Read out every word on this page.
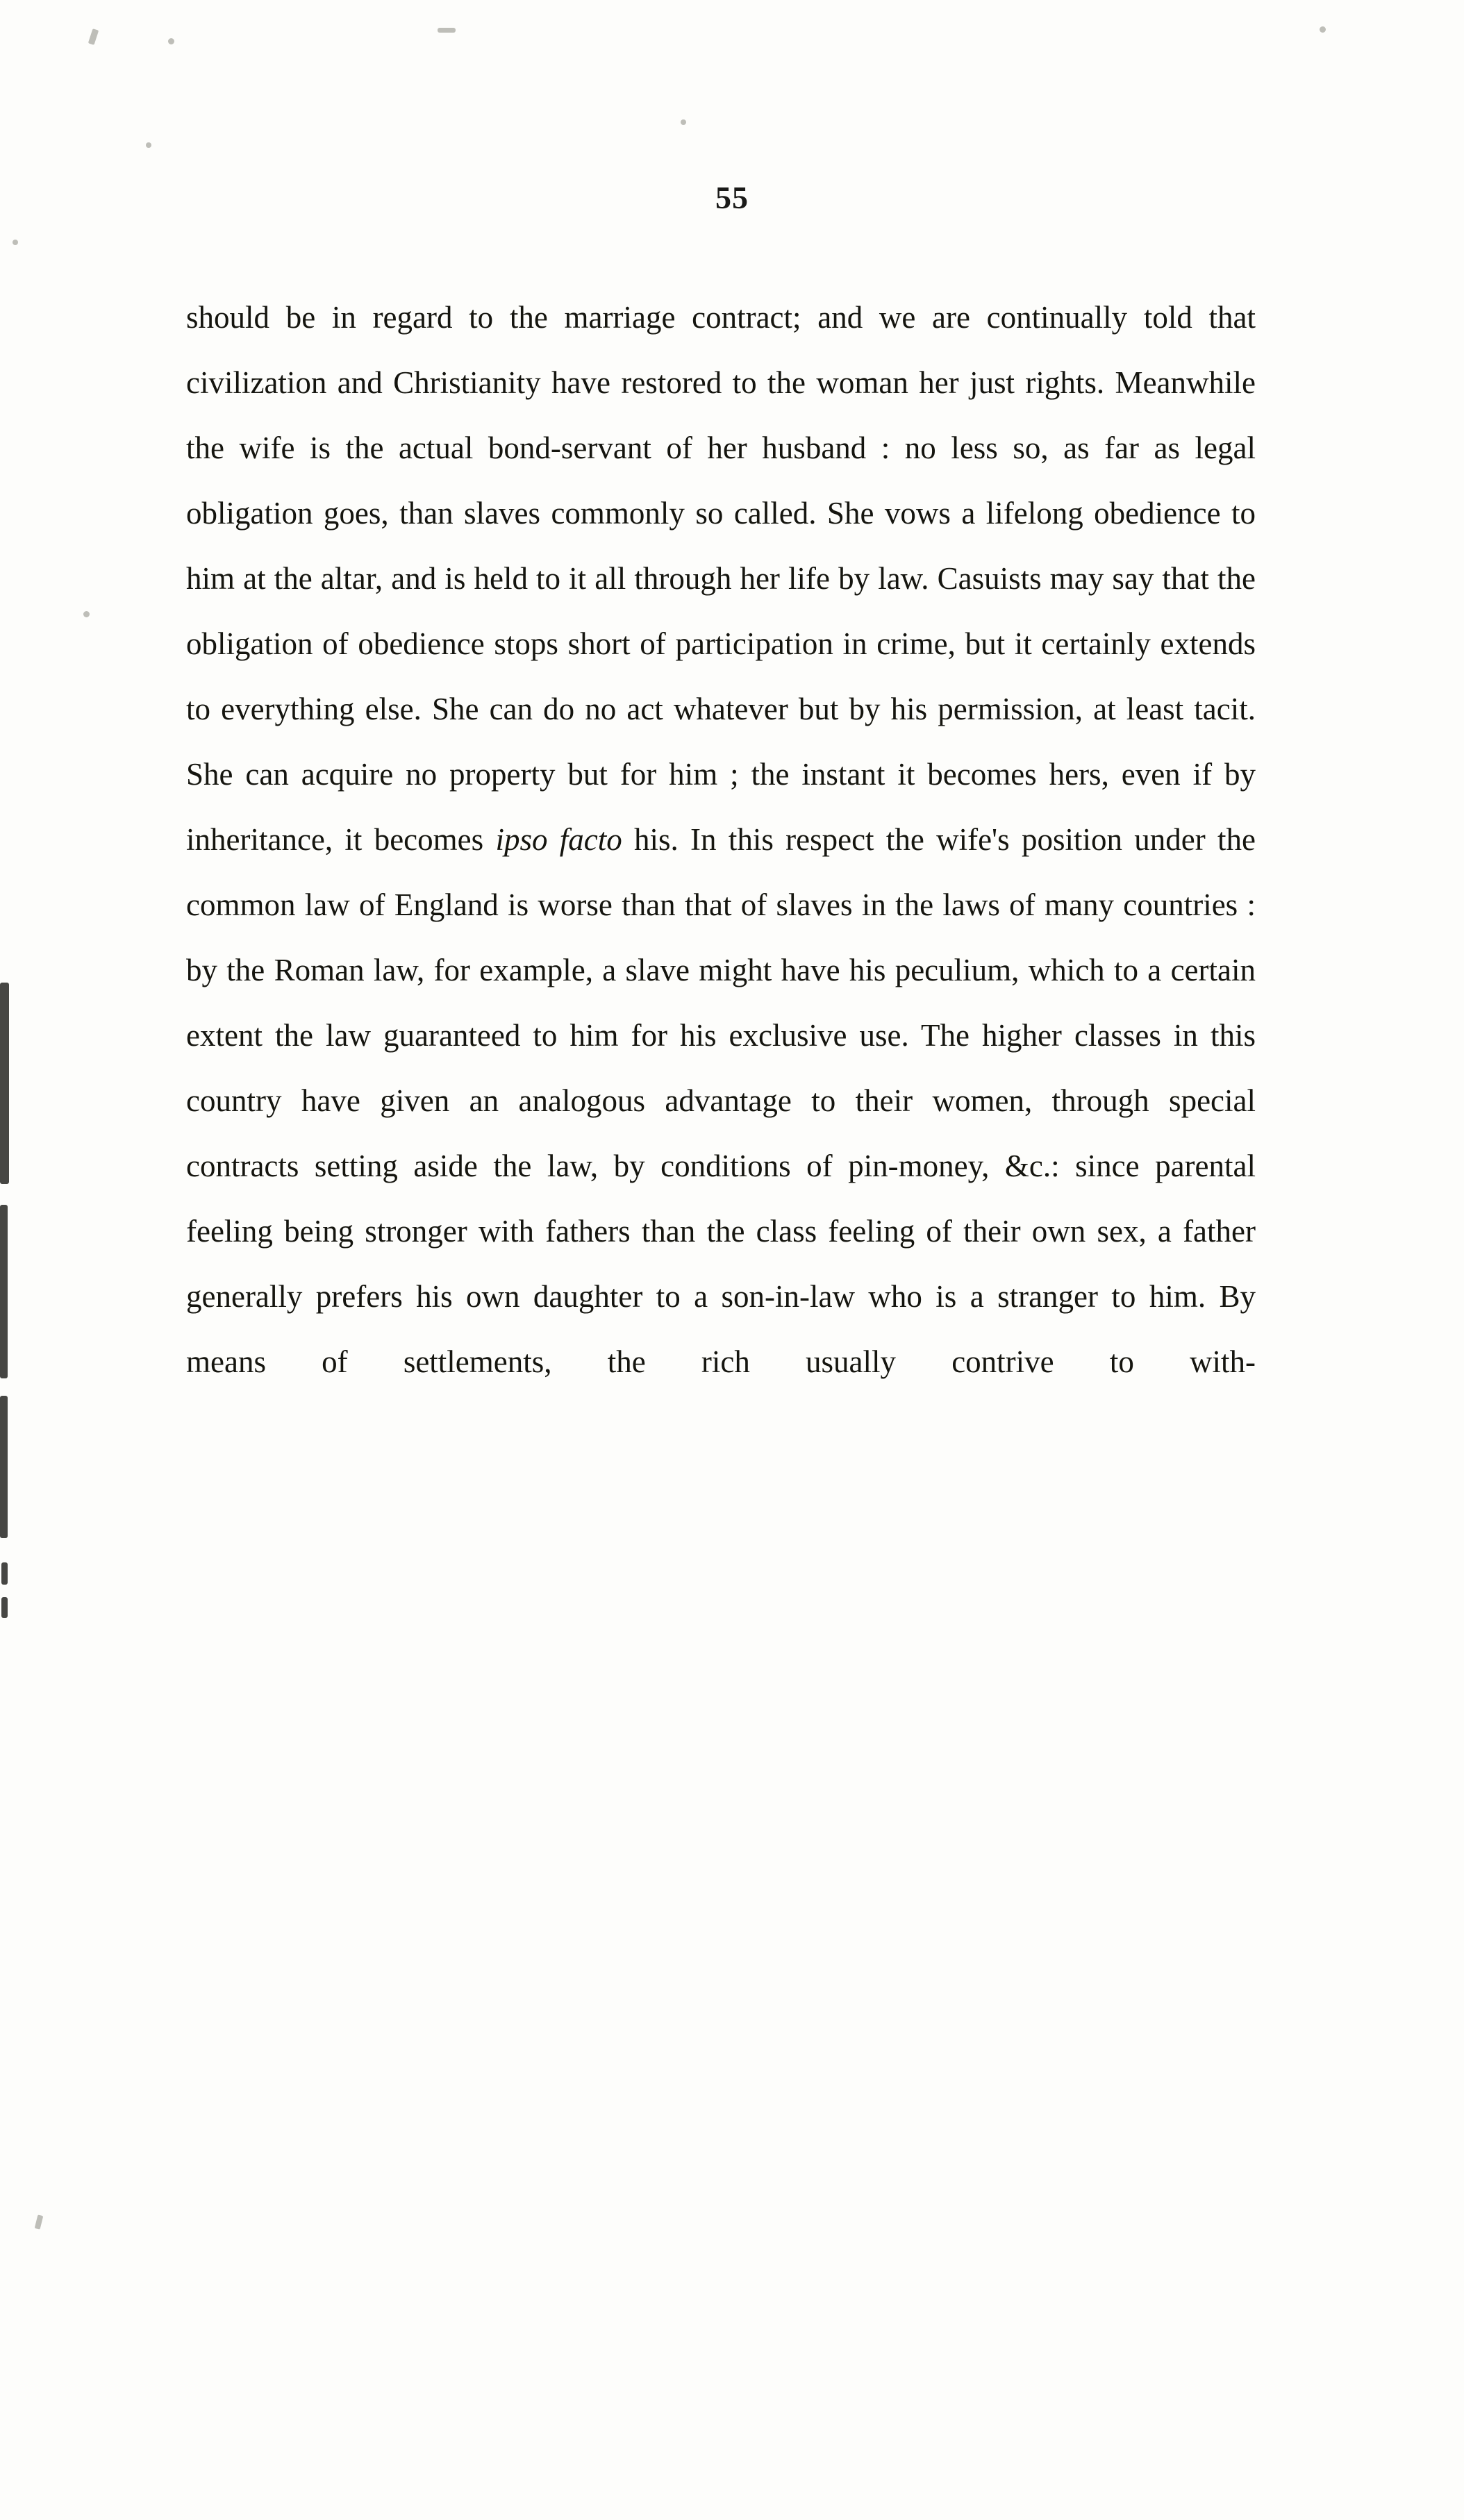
55

should be in regard to the marriage contract; and we are continually told that civilization and Christianity have restored to the woman her just rights. Meanwhile the wife is the actual bond-servant of her husband : no less so, as far as legal obligation goes, than slaves commonly so called. She vows a lifelong obedience to him at the altar, and is held to it all through her life by law. Casuists may say that the obligation of obedience stops short of participation in crime, but it certainly extends to everything else. She can do no act whatever but by his permission, at least tacit. She can acquire no property but for him ; the instant it becomes hers, even if by inheritance, it becomes ipso facto his. In this respect the wife's position under the common law of England is worse than that of slaves in the laws of many countries : by the Roman law, for example, a slave might have his peculium, which to a certain extent the law guaranteed to him for his exclusive use. The higher classes in this country have given an analogous advantage to their women, through special contracts setting aside the law, by conditions of pin-money, &c.: since parental feeling being stronger with fathers than the class feeling of their own sex, a father generally prefers his own daughter to a son-in-law who is a stranger to him. By means of settlements, the rich usually contrive to with-
